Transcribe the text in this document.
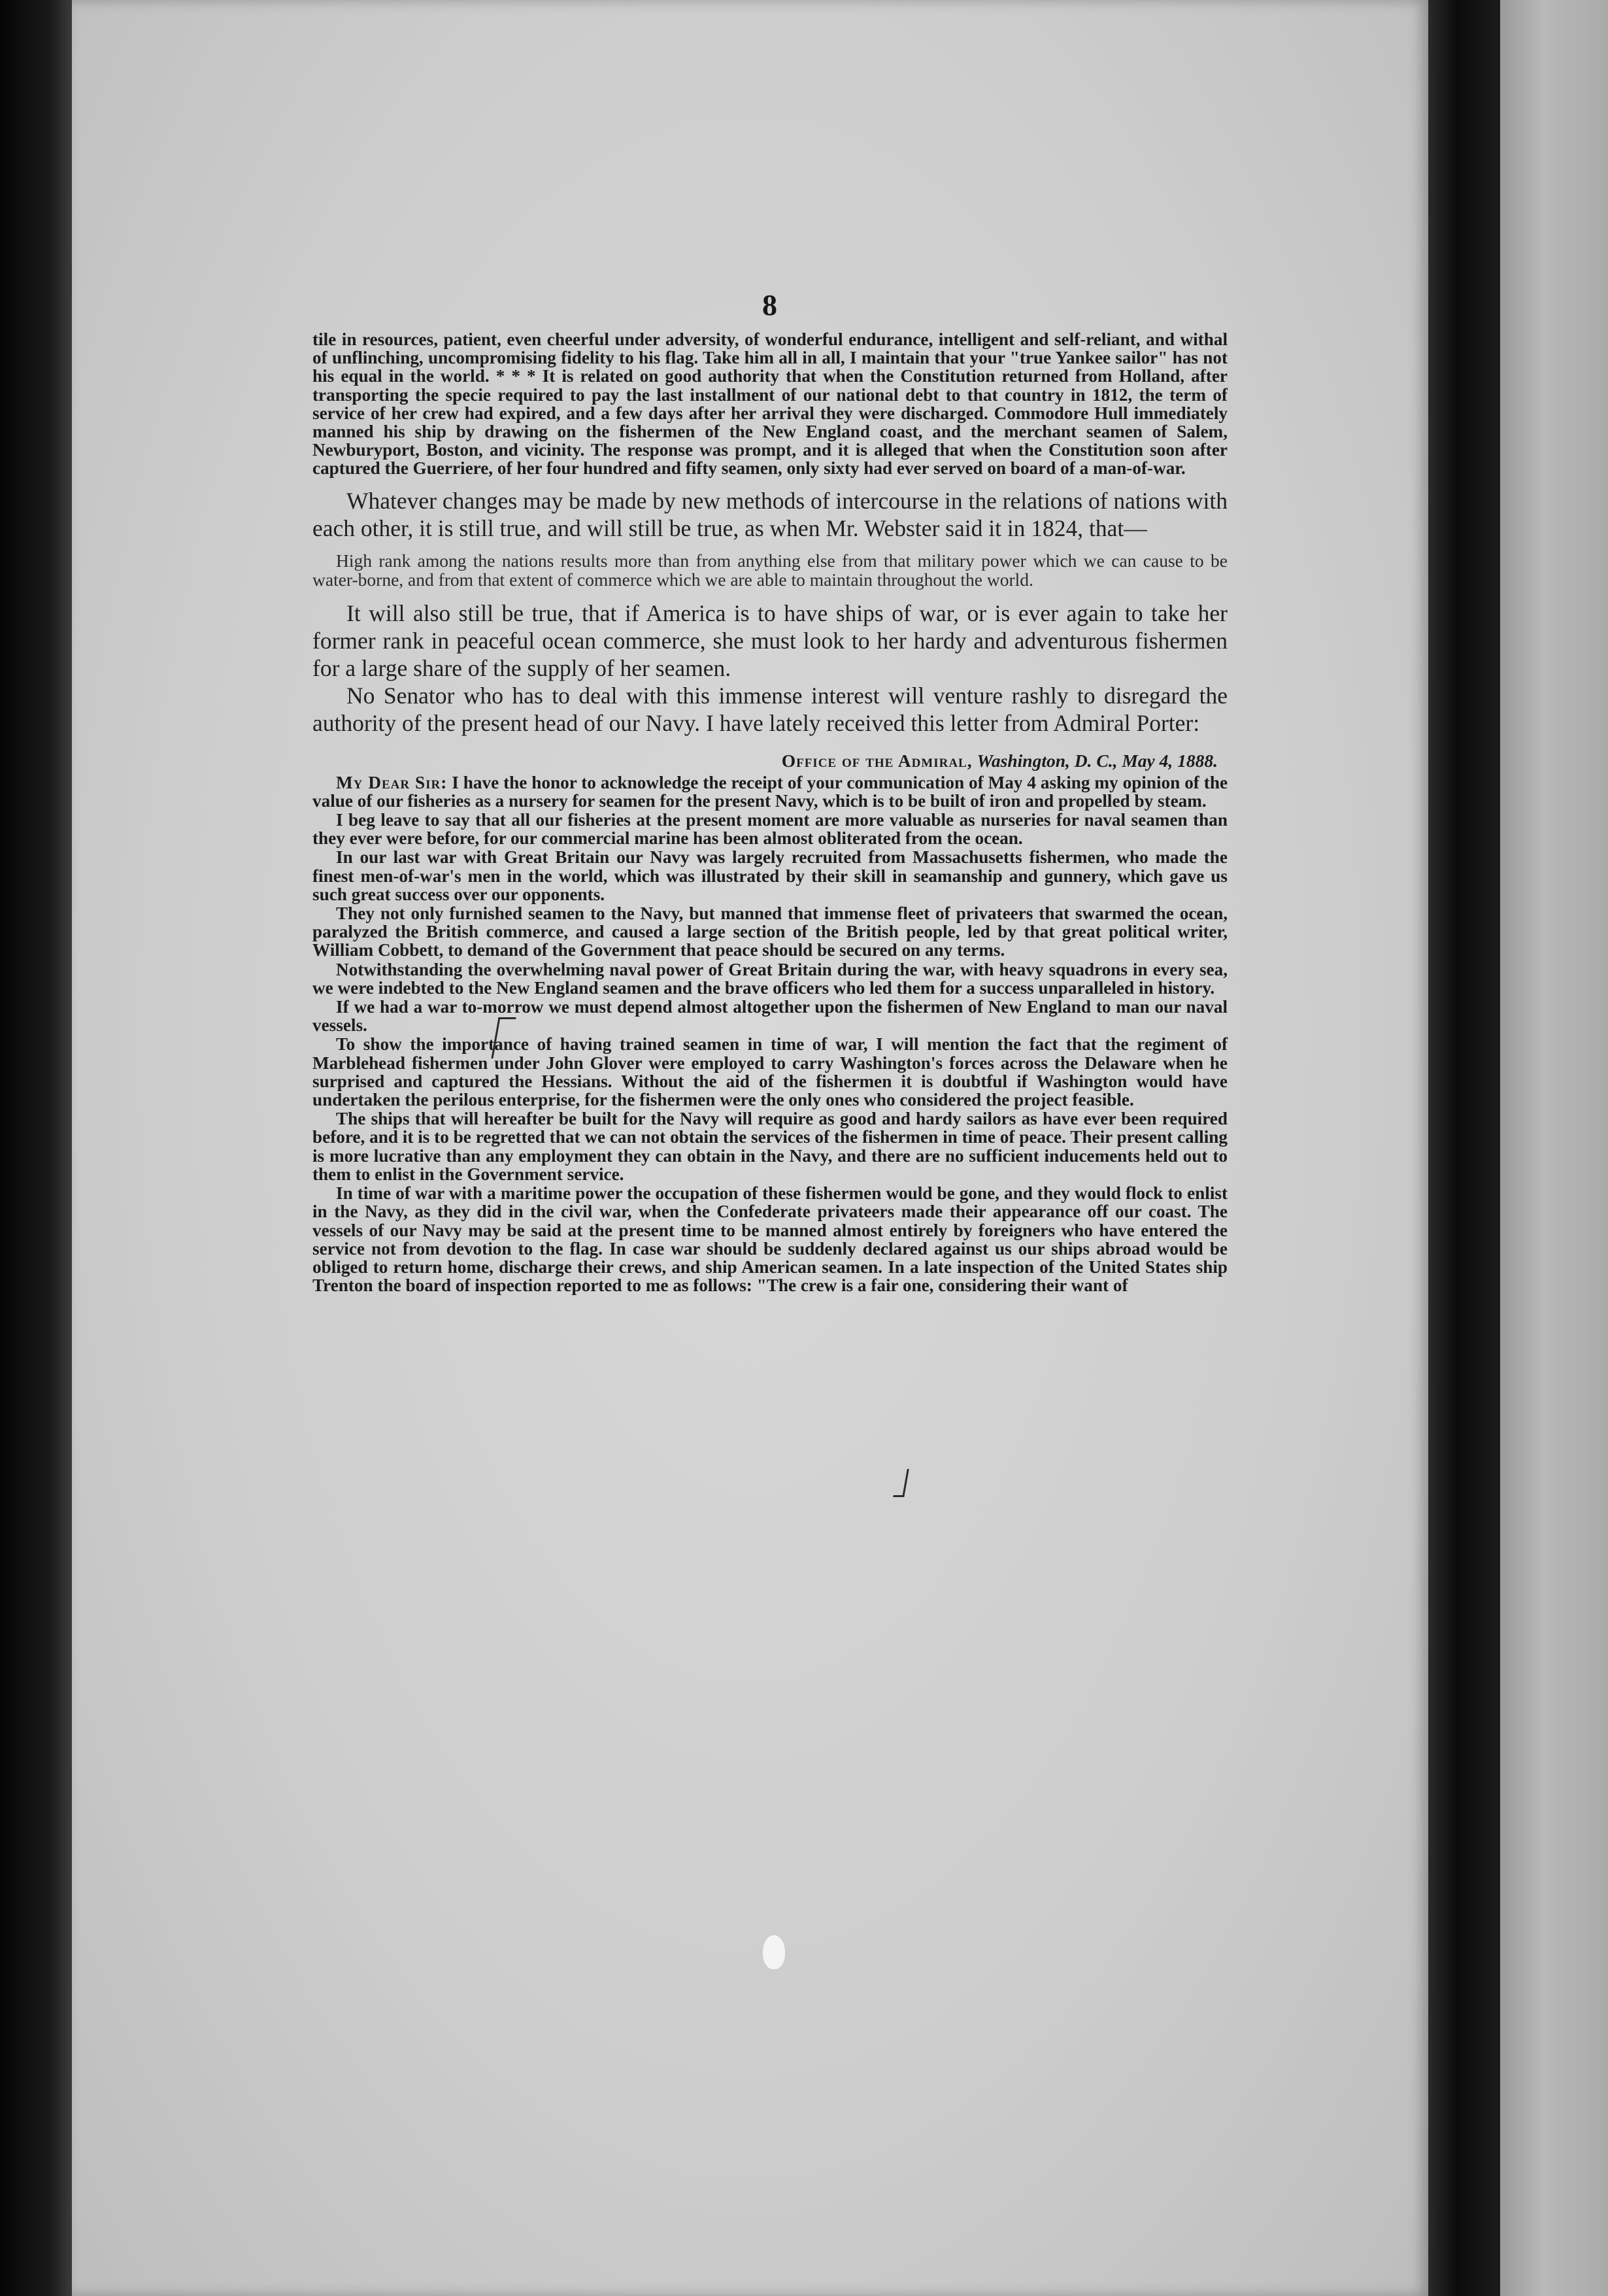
8

tile in resources, patient, even cheerful under adversity, of wonderful endurance, intelligent and self-reliant, and withal of unflinching, uncompromising fidelity to his flag. Take him all in all, I maintain that your "true Yankee sailor" has not his equal in the world. * * * It is related on good authority that when the Constitution returned from Holland, after transporting the specie required to pay the last installment of our national debt to that country in 1812, the term of service of her crew had expired, and a few days after her arrival they were discharged. Commodore Hull immediately manned his ship by drawing on the fishermen of the New England coast, and the merchant seamen of Salem, Newburyport, Boston, and vicinity. The response was prompt, and it is alleged that when the Constitution soon after captured the Guerriere, of her four hundred and fifty seamen, only sixty had ever served on board of a man-of-war.

Whatever changes may be made by new methods of intercourse in the relations of nations with each other, it is still true, and will still be true, as when Mr. Webster said it in 1824, that—

High rank among the nations results more than from anything else from that military power which we can cause to be water-borne, and from that extent of commerce which we are able to maintain throughout the world.

It will also still be true, that if America is to have ships of war, or is ever again to take her former rank in peaceful ocean commerce, she must look to her hardy and adventurous fishermen for a large share of the supply of her seamen.

No Senator who has to deal with this immense interest will venture rashly to disregard the authority of the present head of our Navy. I have lately received this letter from Admiral Porter:

Office of the Admiral, Washington, D. C., May 4, 1888.

My Dear Sir: I have the honor to acknowledge the receipt of your communication of May 4 asking my opinion of the value of our fisheries as a nursery for seamen for the present Navy, which is to be built of iron and propelled by steam.

I beg leave to say that all our fisheries at the present moment are more valuable as nurseries for naval seamen than they ever were before, for our commercial marine has been almost obliterated from the ocean.

In our last war with Great Britain our Navy was largely recruited from Massachusetts fishermen, who made the finest men-of-war's men in the world, which was illustrated by their skill in seamanship and gunnery, which gave us such great success over our opponents.

They not only furnished seamen to the Navy, but manned that immense fleet of privateers that swarmed the ocean, paralyzed the British commerce, and caused a large section of the British people, led by that great political writer, William Cobbett, to demand of the Government that peace should be secured on any terms.

Notwithstanding the overwhelming naval power of Great Britain during the war, with heavy squadrons in every sea, we were indebted to the New England seamen and the brave officers who led them for a success unparalleled in history.

If we had a war to-morrow we must depend almost altogether upon the fishermen of New England to man our naval vessels.

To show the importance of having trained seamen in time of war, I will mention the fact that the regiment of Marblehead fishermen under John Glover were employed to carry Washington's forces across the Delaware when he surprised and captured the Hessians. Without the aid of the fishermen it is doubtful if Washington would have undertaken the perilous enterprise, for the fishermen were the only ones who considered the project feasible.

The ships that will hereafter be built for the Navy will require as good and hardy sailors as have ever been required before, and it is to be regretted that we can not obtain the services of the fishermen in time of peace. Their present calling is more lucrative than any employment they can obtain in the Navy, and there are no sufficient inducements held out to them to enlist in the Government service.

In time of war with a maritime power the occupation of these fishermen would be gone, and they would flock to enlist in the Navy, as they did in the civil war, when the Confederate privateers made their appearance off our coast. The vessels of our Navy may be said at the present time to be manned almost entirely by foreigners who have entered the service not from devotion to the flag. In case war should be suddenly declared against us our ships abroad would be obliged to return home, discharge their crews, and ship American seamen. In a late inspection of the United States ship Trenton the board of inspection reported to me as follows: "The crew is a fair one, considering their want of
